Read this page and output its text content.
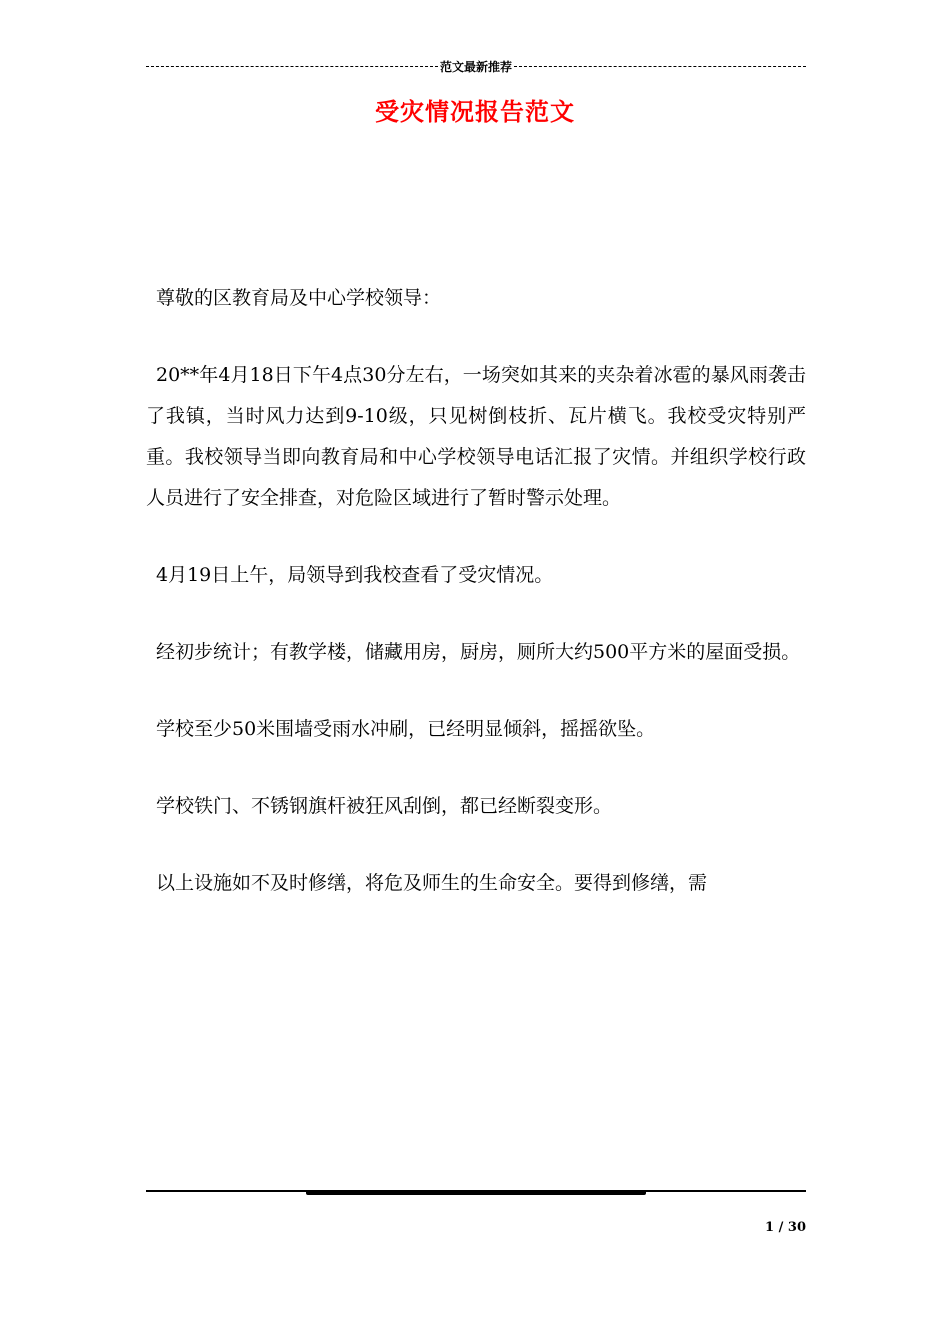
范文最新推荐
受灾情况报告范文

尊敬的区教育局及中心学校领导：

20**年4月18日下午4点30分左右，一场突如其来的夹杂着冰雹的暴风雨袭击了我镇，当时风力达到9-10级，只见树倒枝折、瓦片横飞。我校受灾特别严重。我校领导当即向教育局和中心学校领导电话汇报了灾情。并组织学校行政人员进行了安全排查，对危险区域进行了暂时警示处理。

4月19日上午，局领导到我校查看了受灾情况。

经初步统计；有教学楼，储藏用房，厨房，厕所大约500平方米的屋面受损。

学校至少50米围墙受雨水冲刷，已经明显倾斜，摇摇欲坠。

学校铁门、不锈钢旗杆被狂风刮倒，都已经断裂变形。

以上设施如不及时修缮，将危及师生的生命安全。要得到修缮，需

1 / 30
